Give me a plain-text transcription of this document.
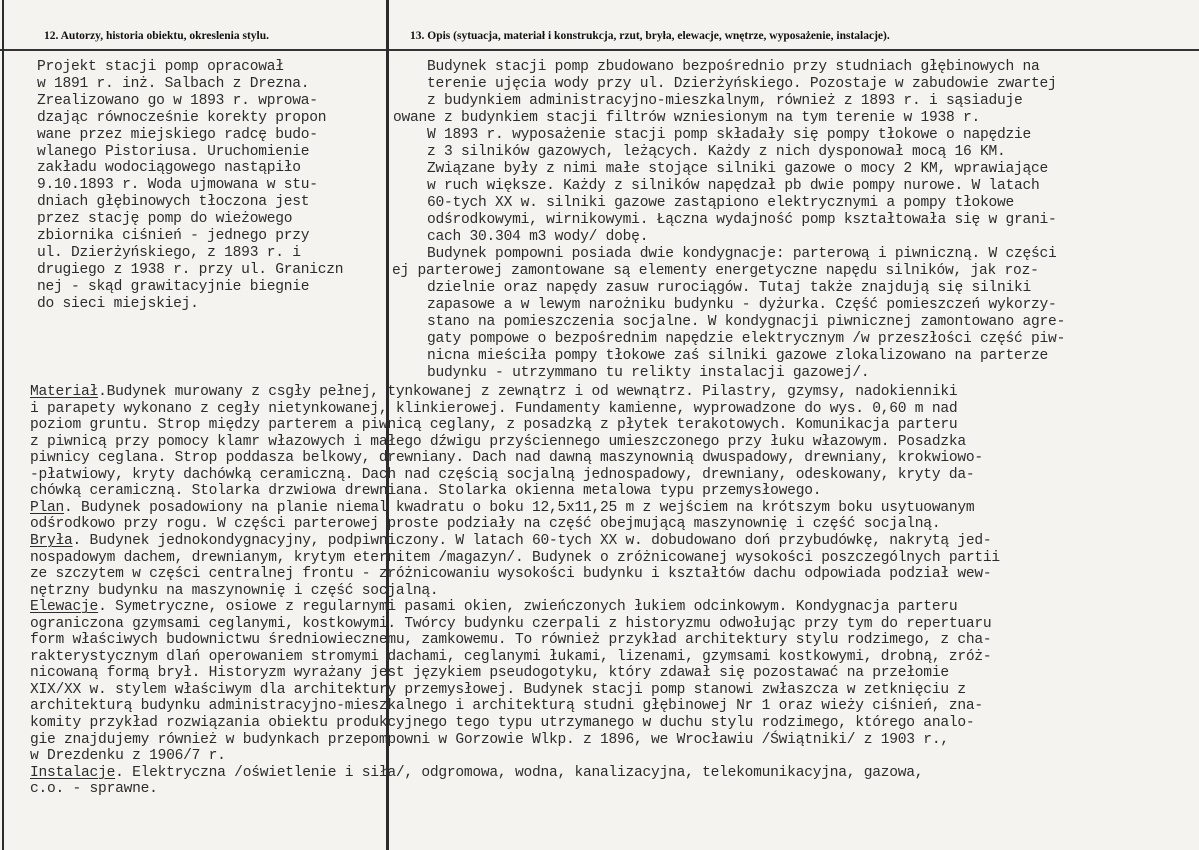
12. Autorzy, historia obiektu, okreslenia stylu.	13. Opis (sytuacja, materiał i konstrukcja, rzut, bryła, elewacje, wnętrze, wyposażenie, instalacje).
Projekt stacji pomp opracował
w 1891 r. inż. Salbach z Drezna.
Zrealizowano go w 1893 r. wprowa-
dzając równocześnie korekty propon
wane przez miejskiego radcę budo-
wlanego Pistoriusa. Uruchomienie
zakładu wodociągowego nastąpiło
9.10.1893 r. Woda ujmowana w stu-
dniach głębinowych tłoczona jest
przez stację pomp do wieżowego
zbiornika ciśnień - jednego przy
ul. Dzierżyńskiego, z 1893 r. i
drugiego z 1938 r. przy ul. Graniczn
nej - skąd grawitacyjnie biegnie
do sieci miejskiej.
Budynek stacji pomp zbudowano bezpośrednio przy studniach głębinowych na
terenie ujęcia wody przy ul. Dzierżyńskiego. Pozostaje w zabudowie zwartej
z budynkiem administracyjno-mieszkalnym, również z 1893 r. i sąsiaduje
owane z budynkiem stacji filtrów wzniesionym na tym terenie w 1938 r.
W 1893 r. wyposażenie stacji pomp składały się pompy tłokowe o napędzie
z 3 silników gazowych, leżących. Każdy z nich dysponował mocą 16 KM.
Związane były z nimi małe stojące silniki gazowe o mocy 2 KM, wprawiające
w ruch większe. Każdy z silników napędzał pb dwie pompy nurowe. W latach
60-tych XX w. silniki gazowe zastąpiono elektrycznymi a pompy tłokowe
odśrodkowymi, wirnikowymi. Łączna wydajność pomp kształtowała się w grani-
cach 30.304 m3 wody/ dobę.
Budynek pompowni posiada dwie kondygnacje: parterową i piwniczną. W części
ej parterowej zamontowane są elementy energetyczne napędu silników, jak roz-
dzielnie oraz napędy zasuw rurociągów. Tutaj także znajdują się silniki
zapasowe a w lewym narożniku budynku - dyżurka. Część pomieszczeń wykorzy-
stano na pomieszczenia socjalne. W kondygnacji piwnicznej zamontowano agre-
gaty pompowe o bezpośrednim napędzie elektrycznym /w przeszłości część piw-
nicna mieściła pompy tłokowe zaś silniki gazowe zlokalizowano na parterze
budynku - utrzymmano tu relikty instalacji gazowej/.
Materiał.Budynek murowany z csgły pełnej, tynkowanej z zewnątrz i od wewnątrz. Pilastry, gzymsy, nadokienniki
i parapety wykonano z cegły nietynkowanej, klinkierowej. Fundamenty kamienne, wyprowadzone do wys. 0,60 m nad
poziom gruntu. Strop między parterem a piwnicą ceglany, z posadzką z płytek terakotowych. Komunikacja parteru
z piwnicą przy pomocy klamr włazowych i małego dźwigu przyściennego umieszczonego przy łuku włazowym. Posadzka
piwnicy ceglana. Strop poddasza belkowy, drewniany. Dach nad dawną maszynownią dwuspadowy, drewniany, krokwiowo-
-płatwiowy, kryty dachówką ceramiczną. Dach nad częścią socjalną jednospadowy, drewniany, odeskowany, kryty da-
chówką ceramiczną. Stolarka drzwiowa drewniana. Stolarka okienna metalowa typu przemysłowego.
Plan. Budynek posadowiony na planie niemal kwadratu o boku 12,5x11,25 m z wejściem na krótszym boku usytuowanym
odśrodkowo przy rogu. W części parterowej proste podziały na część obejmującą maszynownię i część socjalną.
Bryła. Budynek jednokondygnacyjny, podpiwniczony. W latach 60-tych XX w. dobudowano doń przybudówkę, nakrytą jed-
nospadowym dachem, drewnianym, krytym eternitem /magazyn/. Budynek o zróżnicowanej wysokości poszczególnych partii
ze szczytem w części centralnej frontu - zróżnicowaniu wysokości budynku i kształtów dachu odpowiada podział wew-
nętrzny budynku na maszynownię i część socjalną.
Elewacje. Symetryczne, osiowe z regularnymi pasami okien, zwieńczonych łukiem odcinkowym. Kondygnacja parteru
ograniczona gzymsami ceglanymi, kostkowymi. Twórcy budynku czerpali z historyzmu odwołując przy tym do repertuaru
form właściwych budownictwu średniowiecznemu, zamkowemu. To również przykład architektury stylu rodzimego, z cha-
rakterystycznym dlań operowaniem stromymi dachami, ceglanymi łukami, lizenami, gzymsami kostkowymi, drobną, zróż-
nicowaną formą brył. Historyzm wyrażany jest językiem pseudogotyku, który zdawał się pozostawać na przełomie
XIX/XX w. stylem właściwym dla architektury przemysłowej. Budynek stacji pomp stanowi zwłaszcza w zetknięciu z
architekturą budynku administracyjno-mieszkalnego i architekturą studni głębinowej Nr 1 oraz wieży ciśnień, zna-
komity przykład rozwiązania obiektu produkcyjnego tego typu utrzymanego w duchu stylu rodzimego, którego analo-
gie znajdujemy również w budynkach przepompowni w Gorzowie Wlkp. z 1896, we Wrocławiu /Świątniki/ z 1903 r.,
w Drezdenku z 1906/7 r.
Instalacje. Elektryczna /oświetlenie i siła/, odgromowa, wodna, kanalizacyjna, telekomunikacyjna, gazowa,
c.o. - sprawne.
